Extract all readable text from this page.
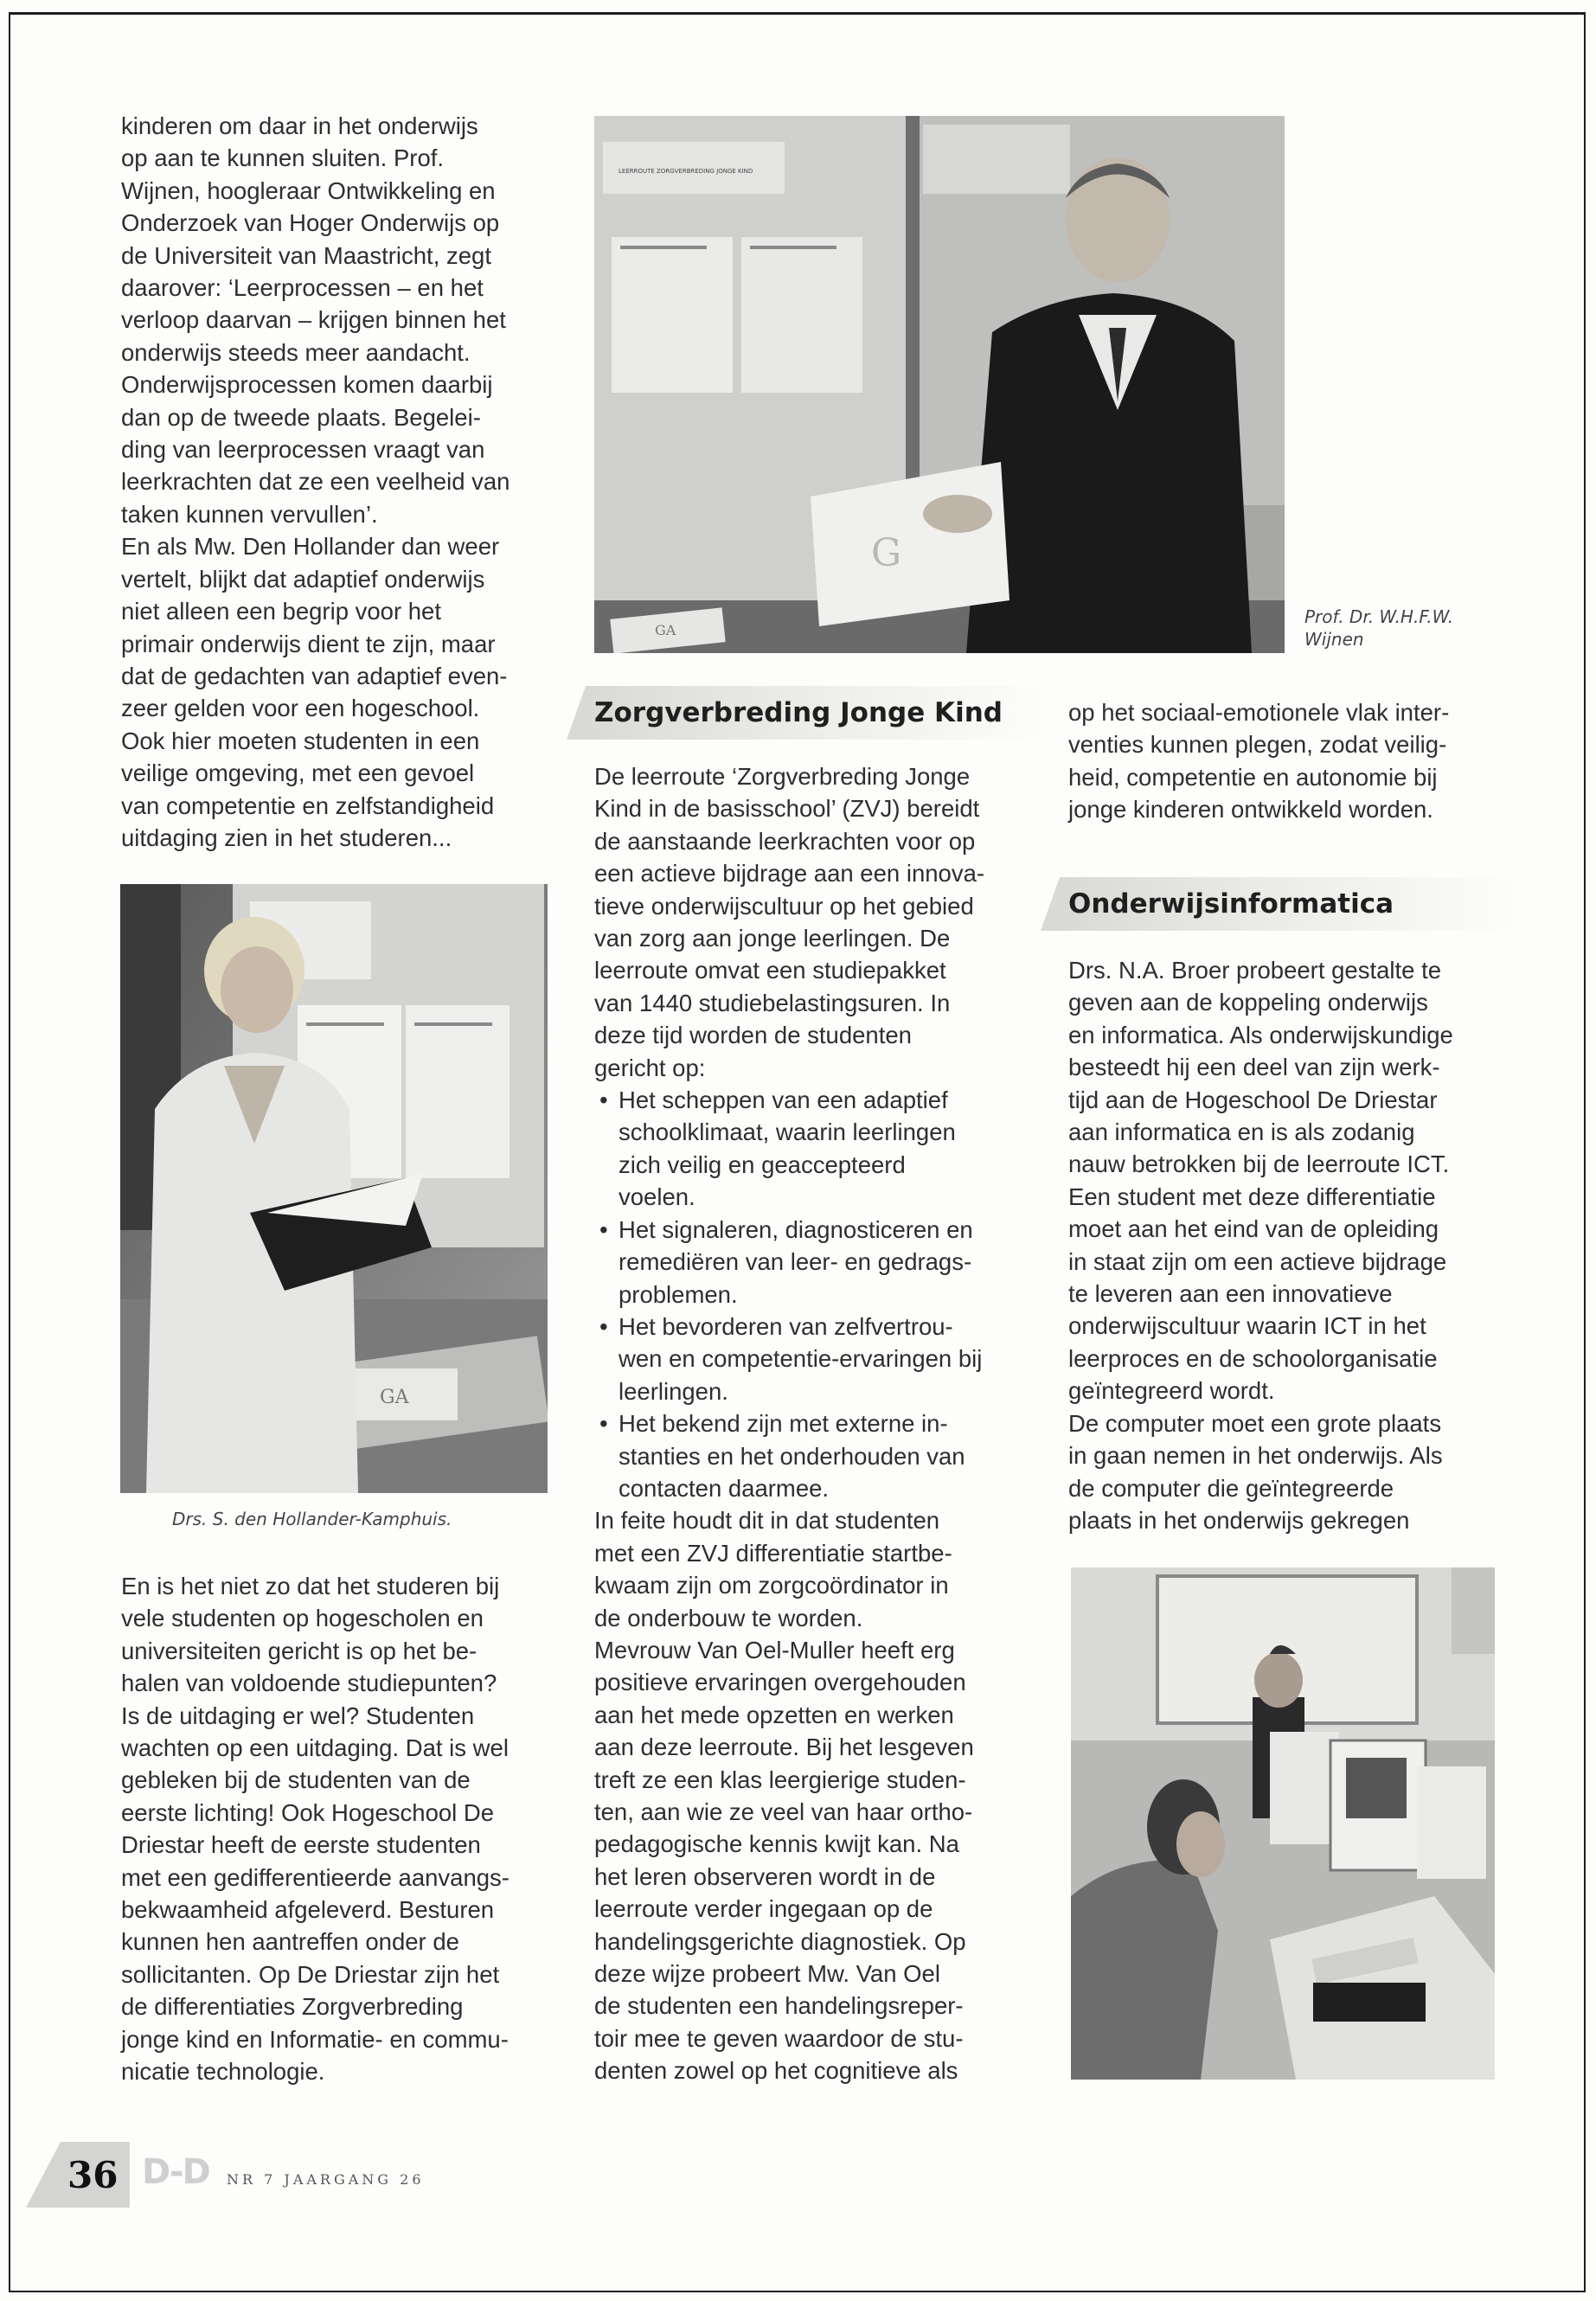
kinderen om daar in het onderwijs
op aan te kunnen sluiten. Prof.
Wijnen, hoogleraar Ontwikkeling en
Onderzoek van Hoger Onderwijs op
de Universiteit van Maastricht, zegt
daarover: ‘Leerprocessen – en het
verloop daarvan – krijgen binnen het
onderwijs steeds meer aandacht.
Onderwijsprocessen komen daarbij
dan op de tweede plaats. Begelei-
ding van leerprocessen vraagt van
leerkrachten dat ze een veelheid van
taken kunnen vervullen’.
En als Mw. Den Hollander dan weer
vertelt, blijkt dat adaptief onderwijs
niet alleen een begrip voor het
primair onderwijs dient te zijn, maar
dat de gedachten van adaptief even-
zeer gelden voor een hogeschool.
Ook hier moeten studenten in een
veilige omgeving, met een gevoel
van competentie en zelfstandigheid
uitdaging zien in het studeren...

GA
Drs. S. den Hollander-Kamphuis.

En is het niet zo dat het studeren bij
vele studenten op hogescholen en
universiteiten gericht is op het be-
halen van voldoende studiepunten?
Is de uitdaging er wel? Studenten
wachten op een uitdaging. Dat is wel
gebleken bij de studenten van de
eerste lichting! Ook Hogeschool De
Driestar heeft de eerste studenten
met een gedifferentieerde aanvangs-
bekwaamheid afgeleverd. Besturen
kunnen hen aantreffen onder de
sollicitanten. Op De Driestar zijn het
de differentiaties Zorgverbreding
jonge kind en Informatie- en commu-
nicatie technologie.

LEERROUTE ZORGVERBREDING JONGE KIND
GA
G
Prof. Dr. W.H.F.W.
Wijnen
Zorgverbreding Jonge Kind

De leerroute ‘Zorgverbreding Jonge
Kind in de basisschool’ (ZVJ) bereidt
de aanstaande leerkrachten voor op
een actieve bijdrage aan een innova-
tieve onderwijscultuur op het gebied
van zorg aan jonge leerlingen. De
leerroute omvat een studiepakket
van 1440 studiebelastingsuren. In
deze tijd worden de studenten
gericht op:

• Het scheppen van een adaptief
schoolklimaat, waarin leerlingen
zich veilig en geaccepteerd
voelen.

• Het signaleren, diagnosticeren en
remediëren van leer- en gedrags-
problemen.

• Het bevorderen van zelfvertrou-
wen en competentie-ervaringen bij
leerlingen.

• Het bekend zijn met externe in-
stanties en het onderhouden van
contacten daarmee.

In feite houdt dit in dat studenten
met een ZVJ differentiatie startbe-
kwaam zijn om zorgcoördinator in
de onderbouw te worden.
Mevrouw Van Oel-Muller heeft erg
positieve ervaringen overgehouden
aan het mede opzetten en werken
aan deze leerroute. Bij het lesgeven
treft ze een klas leergierige studen-
ten, aan wie ze veel van haar ortho-
pedagogische kennis kwijt kan. Na
het leren observeren wordt in de
leerroute verder ingegaan op de
handelingsgerichte diagnostiek. Op
deze wijze probeert Mw. Van Oel
de studenten een handelingsreper-
toir mee te geven waardoor de stu-
denten zowel op het cognitieve als

op het sociaal-emotionele vlak inter-
venties kunnen plegen, zodat veilig-
heid, competentie en autonomie bij
jonge kinderen ontwikkeld worden.

Onderwijsinformatica

Drs. N.A. Broer probeert gestalte te
geven aan de koppeling onderwijs
en informatica. Als onderwijskundige
besteedt hij een deel van zijn werk-
tijd aan de Hogeschool De Driestar
aan informatica en is als zodanig
nauw betrokken bij de leerroute ICT.
Een student met deze differentiatie
moet aan het eind van de opleiding
in staat zijn om een actieve bijdrage
te leveren aan een innovatieve
onderwijscultuur waarin ICT in het
leerproces en de schoolorganisatie
geïntegreerd wordt.
De computer moet een grote plaats
in gaan nemen in het onderwijs. Als
de computer die geïntegreerde
plaats in het onderwijs gekregen

36 D-D NR 7 JAARGANG 26
